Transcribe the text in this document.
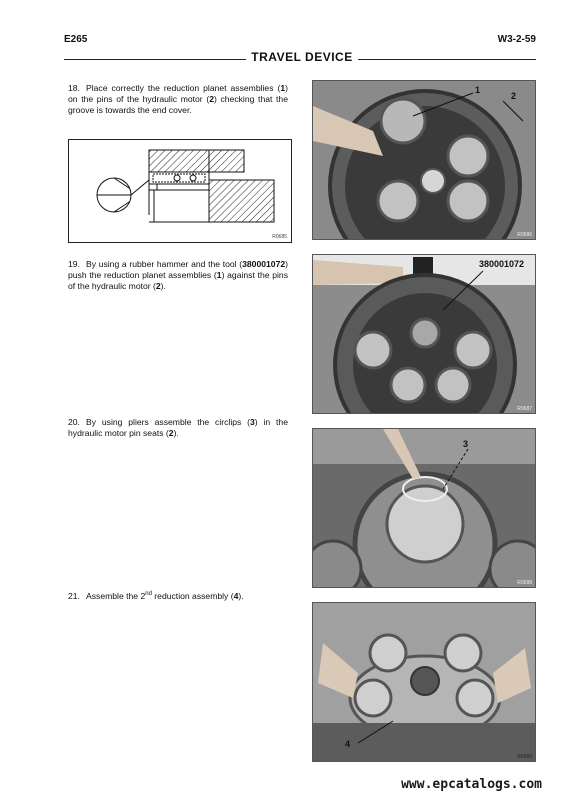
E265	W3-2-59
TRAVEL DEVICE
18. Place correctly the reduction planet assemblies (1) on the pins of the hydraulic motor (2) checking that the groove is towards the end cover.
19. By using a rubber hammer and the tool (380001072) push the reduction planet assemblies (1) against the pins of the hydraulic motor (2).
20. By using pliers assemble the circlips (3) in the hydraulic motor pin seats (2).
21. Assemble the 2nd reduction assembly (4).
R0685
1
2
R0686
380001072
R0687
3
R0688
4
R0689
www.epcatalogs.com
